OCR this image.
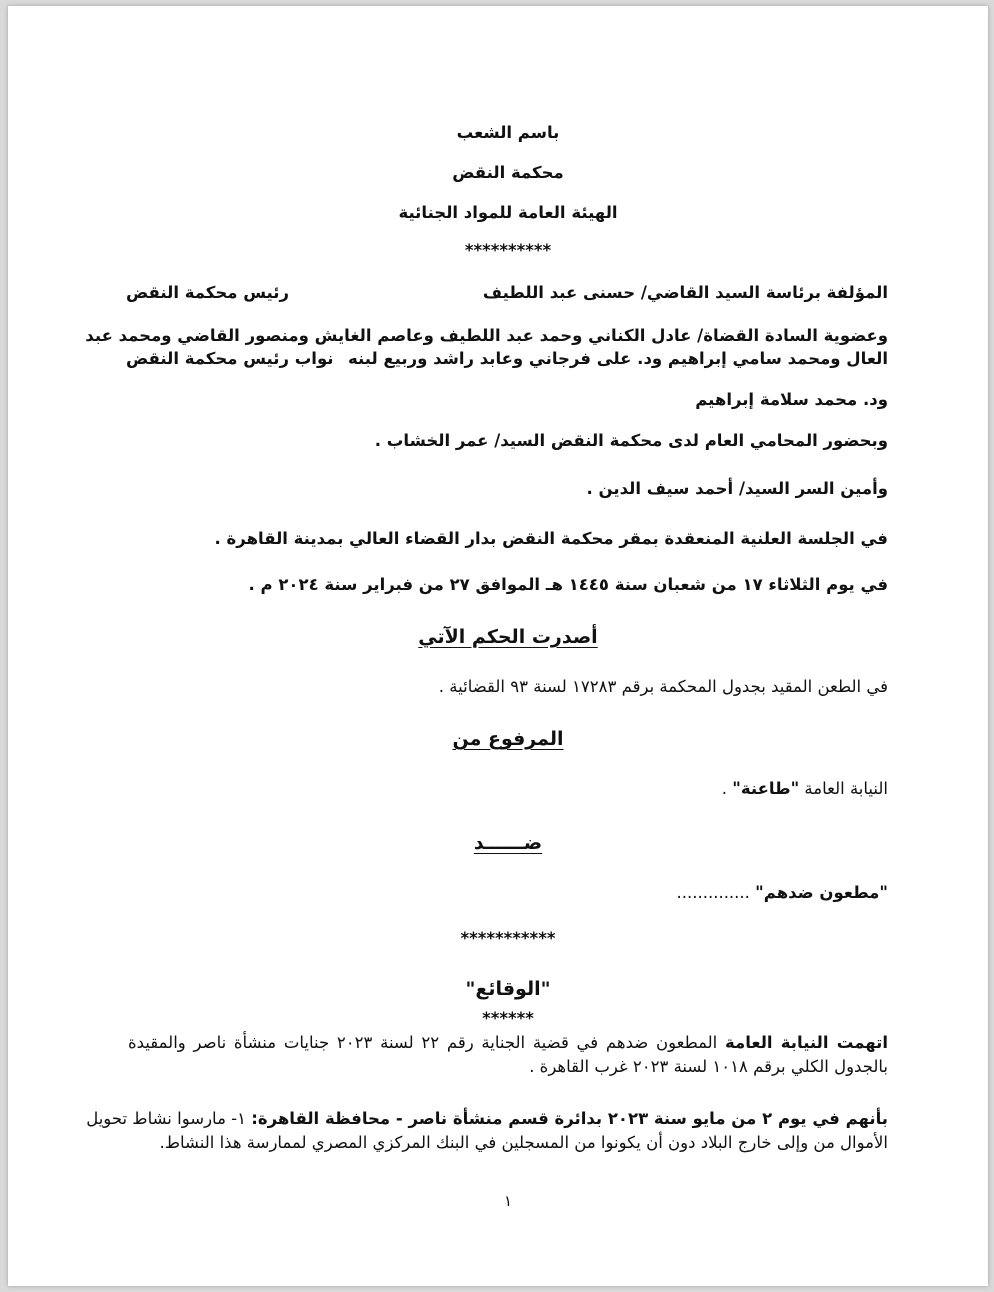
باسم الشعب
محكمة النقض
الهيئة العامة للمواد الجنائية
**********
المؤلفة برئاسة السيد القاضي/ حسنى عبد اللطيف
رئيس محكمة النقض
وعضوية السادة القضاة/ عادل الكناني وحمد عبد اللطيف وعاصم الغايش ومنصور القاضي ومحمد عبد
العال ومحمد سامي إبراهيم ود. على فرجاني وعابد راشد وربيع لبنه
نواب رئيس محكمة النقض
ود. محمد سلامة إبراهيم
وبحضور المحامي العام لدى محكمة النقض السيد/ عمر الخشاب .
وأمين السر السيد/ أحمد سيف الدين .
في الجلسة العلنية المنعقدة بمقر محكمة النقض بدار القضاء العالي بمدينة القاهرة .
في يوم الثلاثاء ١٧ من شعبان سنة ١٤٤٥ هـ الموافق ٢٧ من فبراير سنة ٢٠٢٤ م .
أصدرت الحكم الآتي
في الطعن المقيد بجدول المحكمة برقم ١٧٢٨٣ لسنة ٩٣ القضائية .
المرفوع من
النيابة العامة "طاعنة" .
ضــــــد
"مطعون ضدهم" ..............
***********
"الوقائع"
******
اتهمت النيابة العامة المطعون ضدهم في قضية الجناية رقم ٢٢ لسنة ٢٠٢٣ جنايات منشأة ناصر والمقيدة
بالجدول الكلي برقم ١٠١٨ لسنة ٢٠٢٣ غرب القاهرة .
بأنهم في يوم ٢ من مايو سنة ٢٠٢٣ بدائرة قسم منشأة ناصر - محافظة القاهرة: ١- مارسوا نشاط تحويل
الأموال من وإلى خارج البلاد دون أن يكونوا من المسجلين في البنك المركزي المصري لممارسة هذا النشاط.
١
